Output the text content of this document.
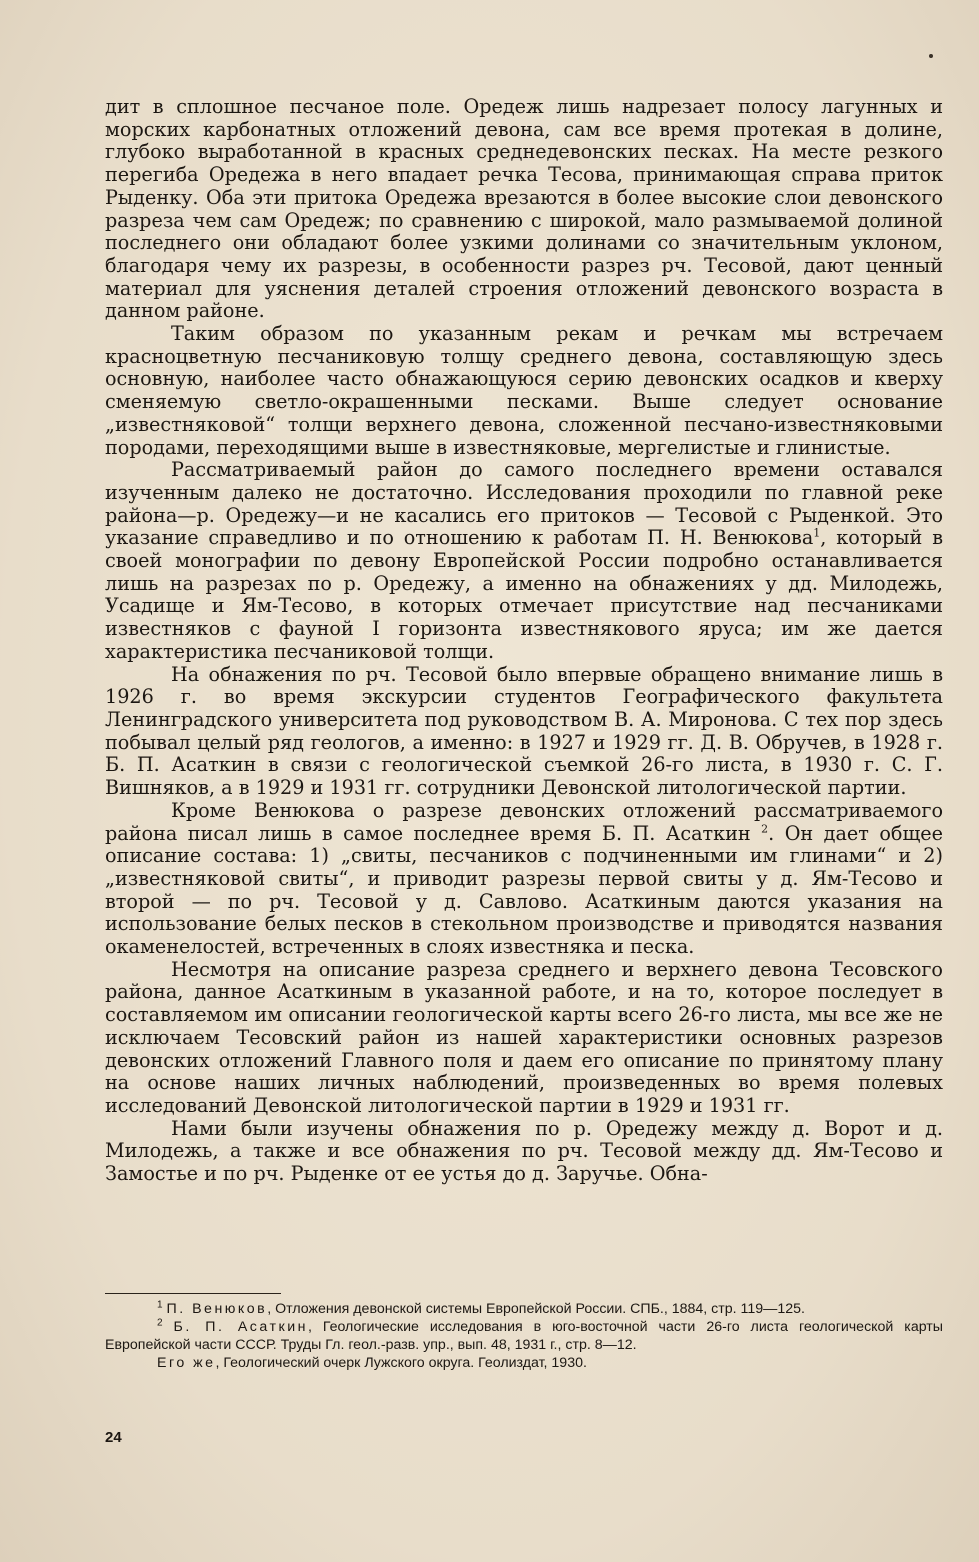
дит в сплошное песчаное поле. Оредеж лишь надрезает полосу лагунных и морских карбонатных отложений девона, сам все время протекая в долине, глубоко выработанной в красных среднедевонских песках. На месте резкого перегиба Оредежа в него впадает речка Тесова, принимающая справа приток Рыденку. Оба эти притока Оредежа врезаются в более высокие слои девонского разреза чем сам Оредеж; по сравнению с широкой, мало размываемой долиной последнего они обладают более узкими долинами со значительным уклоном, благодаря чему их разрезы, в особенности разрез рч. Тесовой, дают ценный материал для уяснения деталей строения отложений девонского возраста в данном районе.

Таким образом по указанным рекам и речкам мы встречаем красноцветную песчаниковую толщу среднего девона, составляющую здесь основную, наиболее часто обнажающуюся серию девонских осадков и кверху сменяемую светло-окрашенными песками. Выше следует основание „известняковой“ толщи верхнего девона, сложенной песчано-известняковыми породами, переходящими выше в известняковые, мергелистые и глинистые.

Рассматриваемый район до самого последнего времени оставался изученным далеко не достаточно. Исследования проходили по главной реке района—р. Оредежу—и не касались его притоков — Тесовой с Рыденкой. Это указание справедливо и по отношению к работам П. Н. Венюкова$^1$, который в своей монографии по девону Европейской России подробно останавливается лишь на разрезах по р. Оредежу, а именно на обнажениях у дд. Милодежь, Усадище и Ям-Тесово, в которых отмечает присутствие над песчаниками известняков с фауной I горизонта известнякового яруса; им же дается характеристика песчаниковой толщи.

На обнажения по рч. Тесовой было впервые обращено внимание лишь в 1926 г. во время экскурсии студентов Географического факультета Ленинградского университета под руководством В. А. Миронова. С тех пор здесь побывал целый ряд геологов, а именно: в 1927 и 1929 гг. Д. В. Обручев, в 1928 г. Б. П. Асаткин в связи с геологической съемкой 26-го листа, в 1930 г. С. Г. Вишняков, а в 1929 и 1931 гг. сотрудники Девонской литологической партии.

Кроме Венюкова о разрезе девонских отложений рассматриваемого района писал лишь в самое последнее время Б. П. Асаткин $^2$. Он дает общее описание состава: 1) „свиты, песчаников с подчиненными им глинами“ и 2) „известняковой свиты“, и приводит разрезы первой свиты у д. Ям-Тесово и второй — по рч. Тесовой у д. Савлово. Асаткиным даются указания на использование белых песков в стекольном производстве и приводятся названия окаменелостей, встреченных в слоях известняка и песка.

Несмотря на описание разреза среднего и верхнего девона Тесовского района, данное Асаткиным в указанной работе, и на то, которое последует в составляемом им описании геологической карты всего 26-го листа, мы все же не исключаем Тесовский район из нашей характеристики основных разрезов девонских отложений Главного поля и даем его описание по принятому плану на основе наших личных наблюдений, произведенных во время полевых исследований Девонской литологической партии в 1929 и 1931 гг.

Нами были изучены обнажения по р. Оредежу между д. Ворот и д. Милодежь, а также и все обнажения по рч. Тесовой между дд. Ям-Тесово и Замостье и по рч. Рыденке от ее устья до д. Заручье. Обна-

$^1$ П. Венюков, Отложения девонской системы Европейской России. СПБ., 1884, стр. 119—125.

$^2$ Б. П. Асаткин, Геологические исследования в юго-восточной части 26-го листа геологической карты Европейской части СССР. Труды Гл. геол.-разв. упр., вып. 48, 1931 г., стр. 8—12.

Его же, Геологический очерк Лужского округа. Геолиздат, 1930.

24
